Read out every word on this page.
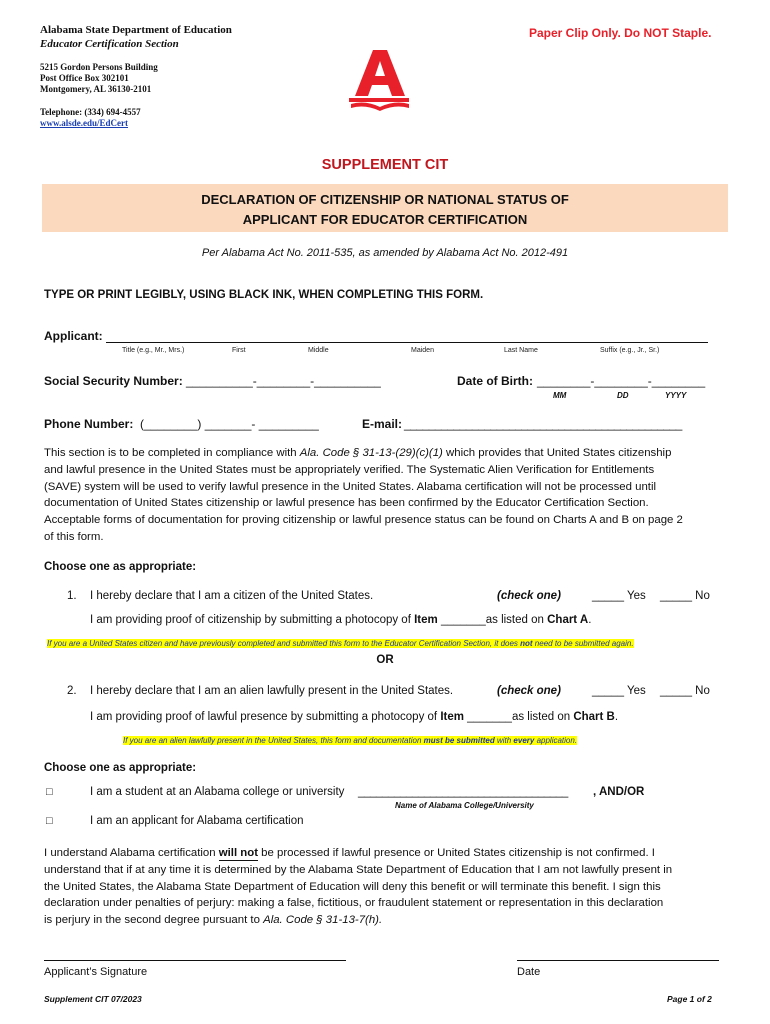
Alabama State Department of Education
Educator Certification Section
5215 Gordon Persons Building
Post Office Box 302101
Montgomery, AL 36130-2101
Telephone: (334) 694-4557
www.alsde.edu/EdCert
Paper Clip Only. Do NOT Staple.
SUPPLEMENT CIT
DECLARATION OF CITIZENSHIP OR NATIONAL STATUS OF
APPLICANT FOR EDUCATOR CERTIFICATION
Per Alabama Act No. 2011-535, as amended by Alabama Act No. 2012-491
TYPE OR PRINT LEGIBLY, USING BLACK INK, WHEN COMPLETING THIS FORM.
Applicant:
Title (e.g., Mr., Mrs.)	First	Middle	Maiden	Last Name	Suffix (e.g., Jr., Sr.)
Social Security Number: __________-________-__________	Date of Birth: ________-________-________
MM	DD	YYYY
Phone Number: (________) _______- _________	E-mail: _____________________________________________
This section is to be completed in compliance with Ala. Code § 31-13-(29)(c)(1) which provides that United States citizenship
and lawful presence in the United States must be appropriately verified. The Systematic Alien Verification for Entitlements
(SAVE) system will be used to verify lawful presence in the United States. Alabama certification will not be processed until
documentation of United States citizenship or lawful presence has been confirmed by the Educator Certification Section.
Acceptable forms of documentation for proving citizenship or lawful presence status can be found on Charts A and B on page 2
of this form.
Choose one as appropriate:
1. I hereby declare that I am a citizen of the United States.	(check one)	_____ Yes _____ No
I am providing proof of citizenship by submitting a photocopy of Item _______as listed on Chart A.
If you are a United States citizen and have previously completed and submitted this form to the Educator Certification Section, it does not need to be submitted again.
OR
2. I hereby declare that I am an alien lawfully present in the United States.	(check one)	_____ Yes _____ No
I am providing proof of lawful presence by submitting a photocopy of Item _______as listed on Chart B.
If you are an alien lawfully present in the United States, this form and documentation must be submitted with every application.
Choose one as appropriate:
□	I am a student at an Alabama college or university ___________________________________ , AND/OR
Name of Alabama College/University
□	I am an applicant for Alabama certification
I understand Alabama certification will not be processed if lawful presence or United States citizenship is not confirmed. I
understand that if at any time it is determined by the Alabama State Department of Education that I am not lawfully present in
the United States, the Alabama State Department of Education will deny this benefit or will terminate this benefit. I sign this
declaration under penalties of perjury: making a false, fictitious, or fraudulent statement or representation in this declaration
is perjury in the second degree pursuant to Ala. Code § 31-13-7(h).
Applicant’s Signature	Date
Supplement CIT 07/2023	Page 1 of 2
